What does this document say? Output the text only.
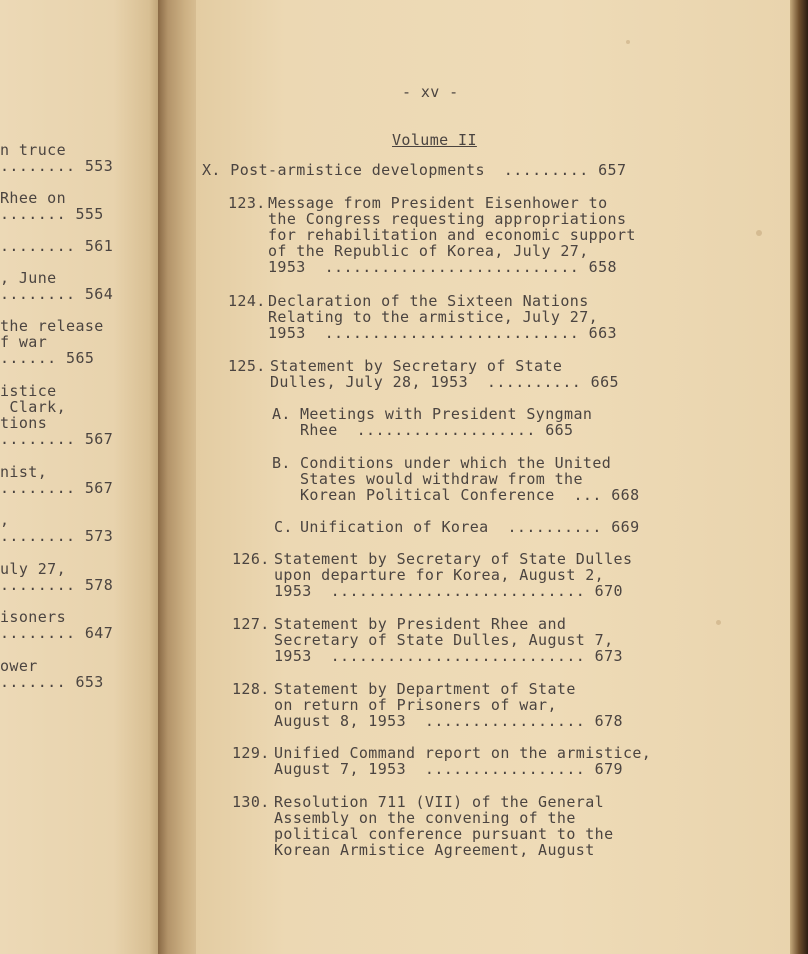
n truce
........ 553
Rhee on
....... 555
........ 561
, June
........ 564
the release
f war
...... 565
istice
Clark,
tions
........ 567
nist,
........ 567
,
........ 573
uly 27,
........ 578
isoners
........ 647
ower
....... 653
- xv -
Volume II
X. Post-armistice developments  ......... 657
123. Message from President Eisenhower to
the Congress requesting appropriations
for rehabilitation and economic support
of the Republic of Korea, July 27,
1953  ........................... 658
124. Declaration of the Sixteen Nations
Relating to the armistice, July 27,
1953  ........................... 663
125. Statement by Secretary of State
Dulles, July 28, 1953  .......... 665
A. Meetings with President Syngman
Rhee  ................... 665
B. Conditions under which the United
States would withdraw from the
Korean Political Conference  ... 668
C. Unification of Korea  .......... 669
126. Statement by Secretary of State Dulles
upon departure for Korea, August 2,
1953  ........................... 670
127. Statement by President Rhee and
Secretary of State Dulles, August 7,
1953  ........................... 673
128. Statement by Department of State
on return of Prisoners of war,
August 8, 1953  ................. 678
129. Unified Command report on the armistice,
August 7, 1953  ................. 679
130. Resolution 711 (VII) of the General
Assembly on the convening of the
political conference pursuant to the
Korean Armistice Agreement, August
